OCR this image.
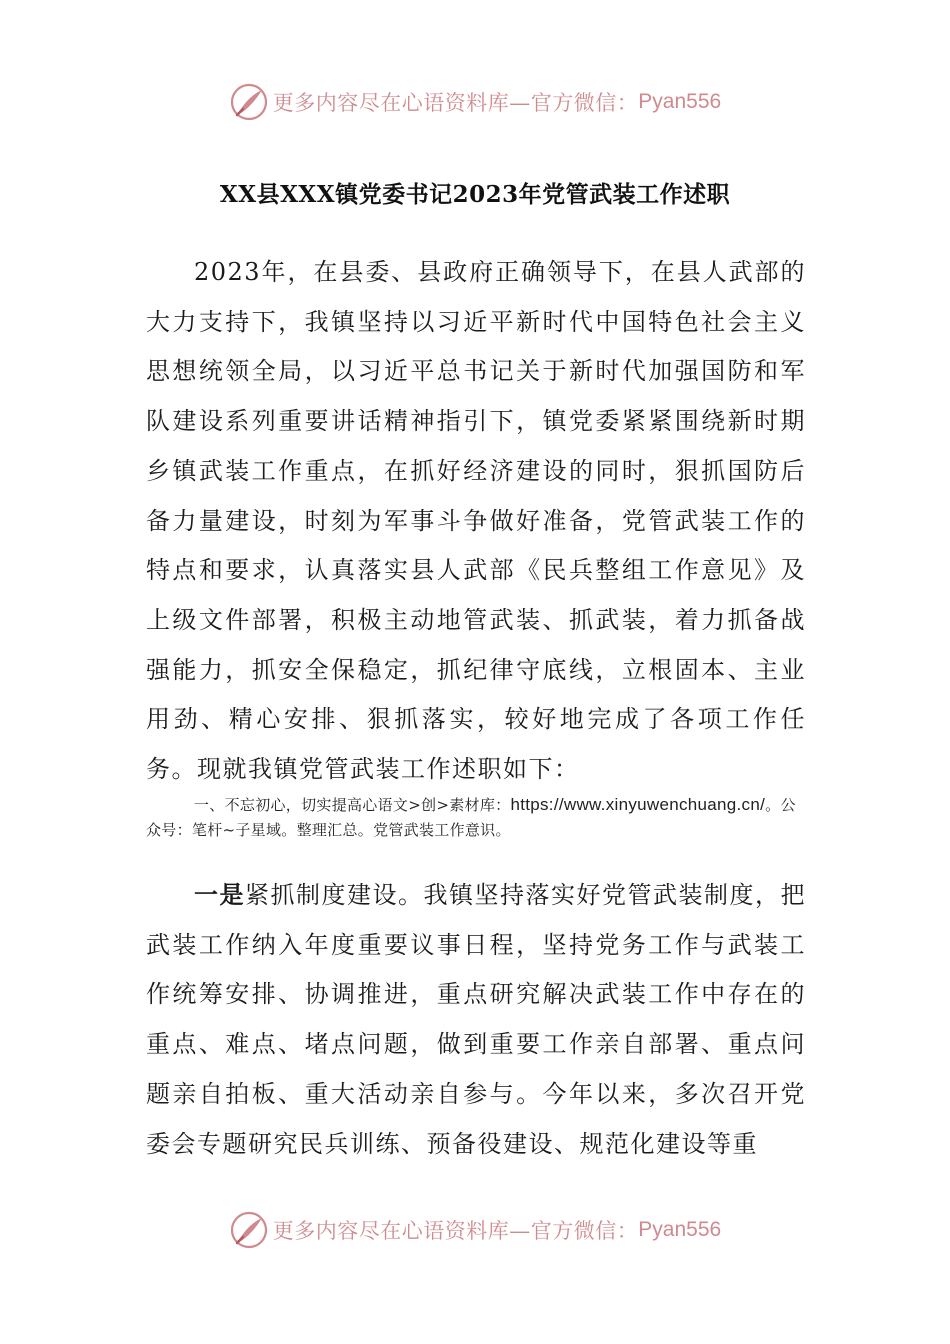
更多内容尽在心语资料库—官方微信： Pyan556
XX县XXX镇党委书记2023年党管武装工作述职

2023年，在县委、县政府正确领导下，在县人武部的大力支持下，我镇坚持以习近平新时代中国特色社会主义思想统领全局，以习近平总书记关于新时代加强国防和军队建设系列重要讲话精神指引下，镇党委紧紧围绕新时期乡镇武装工作重点，在抓好经济建设的同时，狠抓国防后备力量建设，时刻为军事斗争做好准备，党管武装工作的特点和要求，认真落实县人武部《民兵整组工作意见》及上级文件部署，积极主动地管武装、抓武装，着力抓备战强能力，抓安全保稳定，抓纪律守底线，立根固本、主业用劲、精心安排、狠抓落实，较好地完成了各项工作任务。现就我镇党管武装工作述职如下：

一、不忘初心，切实提高心语文>创>素材库：https://www.xinyuwenchuang.cn/。公众号：笔杆~子星域。整理汇总。党管武装工作意识。

一是紧抓制度建设。我镇坚持落实好党管武装制度，把武装工作纳入年度重要议事日程，坚持党务工作与武装工作统筹安排、协调推进，重点研究解决武装工作中存在的重点、难点、堵点问题，做到重要工作亲自部署、重点问题亲自拍板、重大活动亲自参与。今年以来，多次召开党委会专题研究民兵训练、预备役建设、规范化建设等重

更多内容尽在心语资料库—官方微信： Pyan556
